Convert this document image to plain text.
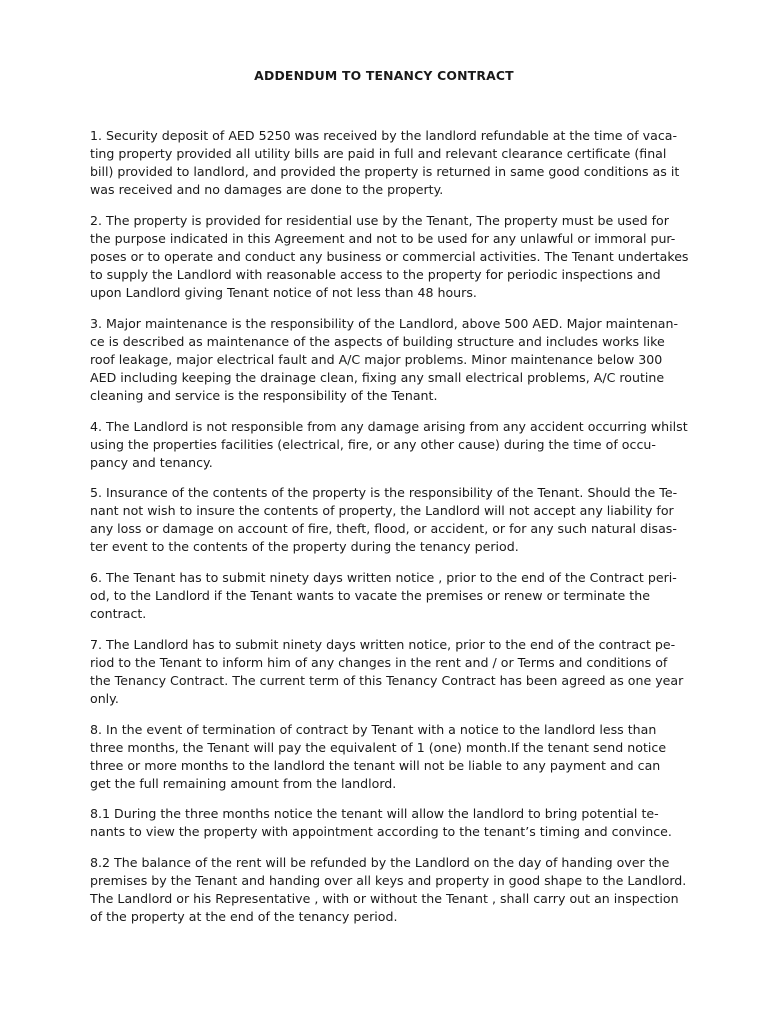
ADDENDUM TO TENANCY CONTRACT

1. Security deposit of AED 5250 was received by the landlord refundable at the time of vaca-
ting property provided all utility bills are paid in full and relevant clearance certificate (final
bill) provided to landlord, and provided the property is returned in same good conditions as it
was received and no damages are done to the property.

2. The property is provided for residential use by the Tenant, The property must be used for
the purpose indicated in this Agreement and not to be used for any unlawful or immoral pur-
poses or to operate and conduct any business or commercial activities. The Tenant undertakes
to supply the Landlord with reasonable access to the property for periodic inspections and
upon Landlord giving Tenant notice of not less than 48 hours.

3. Major maintenance is the responsibility of the Landlord, above 500 AED. Major maintenan-
ce is described as maintenance of the aspects of building structure and includes works like
roof leakage, major electrical fault and A/C major problems. Minor maintenance below 300
AED including keeping the drainage clean, fixing any small electrical problems, A/C routine
cleaning and service is the responsibility of the Tenant.

4. The Landlord is not responsible from any damage arising from any accident occurring whilst
using the properties facilities (electrical, fire, or any other cause) during the time of occu-
pancy and tenancy.

5. Insurance of the contents of the property is the responsibility of the Tenant. Should the Te-
nant not wish to insure the contents of property, the Landlord will not accept any liability for
any loss or damage on account of fire, theft, flood, or accident, or for any such natural disas-
ter event to the contents of the property during the tenancy period.

6. The Tenant has to submit ninety days written notice , prior to the end of the Contract peri-
od, to the Landlord if the Tenant wants to vacate the premises or renew or terminate the
contract.

7. The Landlord has to submit ninety days written notice, prior to the end of the contract pe-
riod to the Tenant to inform him of any changes in the rent and / or Terms and conditions of
the Tenancy Contract. The current term of this Tenancy Contract has been agreed as one year
only.

8. In the event of termination of contract by Tenant with a notice to the landlord less than
three months, the Tenant will pay the equivalent of 1 (one) month.If the tenant send notice
three or more months to the landlord the tenant will not be liable to any payment and can
get the full remaining amount from the landlord.

8.1 During the three months notice the tenant will allow the landlord to bring potential te-
nants to view the property with appointment according to the tenant’s timing and convince.

8.2 The balance of the rent will be refunded by the Landlord on the day of handing over the
premises by the Tenant and handing over all keys and property in good shape to the Landlord.
The Landlord or his Representative , with or without the Tenant , shall carry out an inspection
of the property at the end of the tenancy period.
